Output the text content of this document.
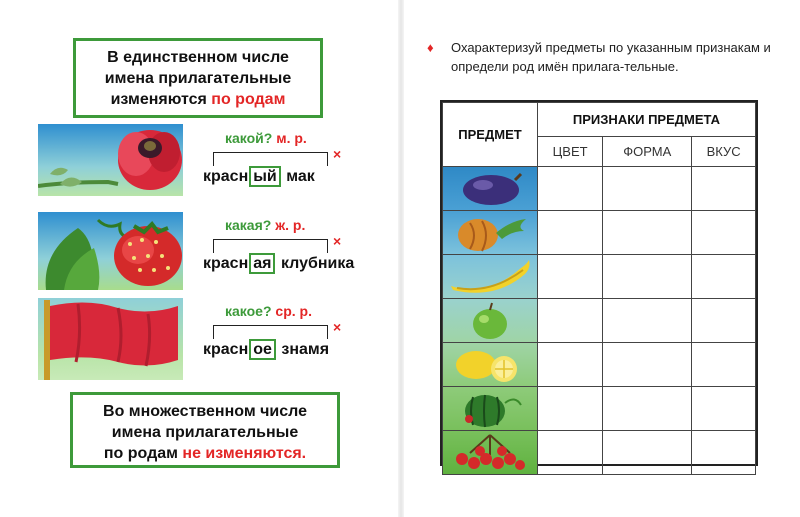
В единственном числе
имена прилагательные
изменяются по родам
какой? м. р.
×
красн ый мак
какая? ж. р.
×
красн ая клубника
какое? ср. р.
×
красн ое знамя
Во множественном числе
имена прилагательные
по родам не изменяются.
♦ Охарактеризуй предметы по указанным признакам и определи род имён прилага-тельные.
ПРЕДМЕТ	ПРИЗНАКИ ПРЕДМЕТА		
	ЦВЕТ	ФОРМА	ВКУС
